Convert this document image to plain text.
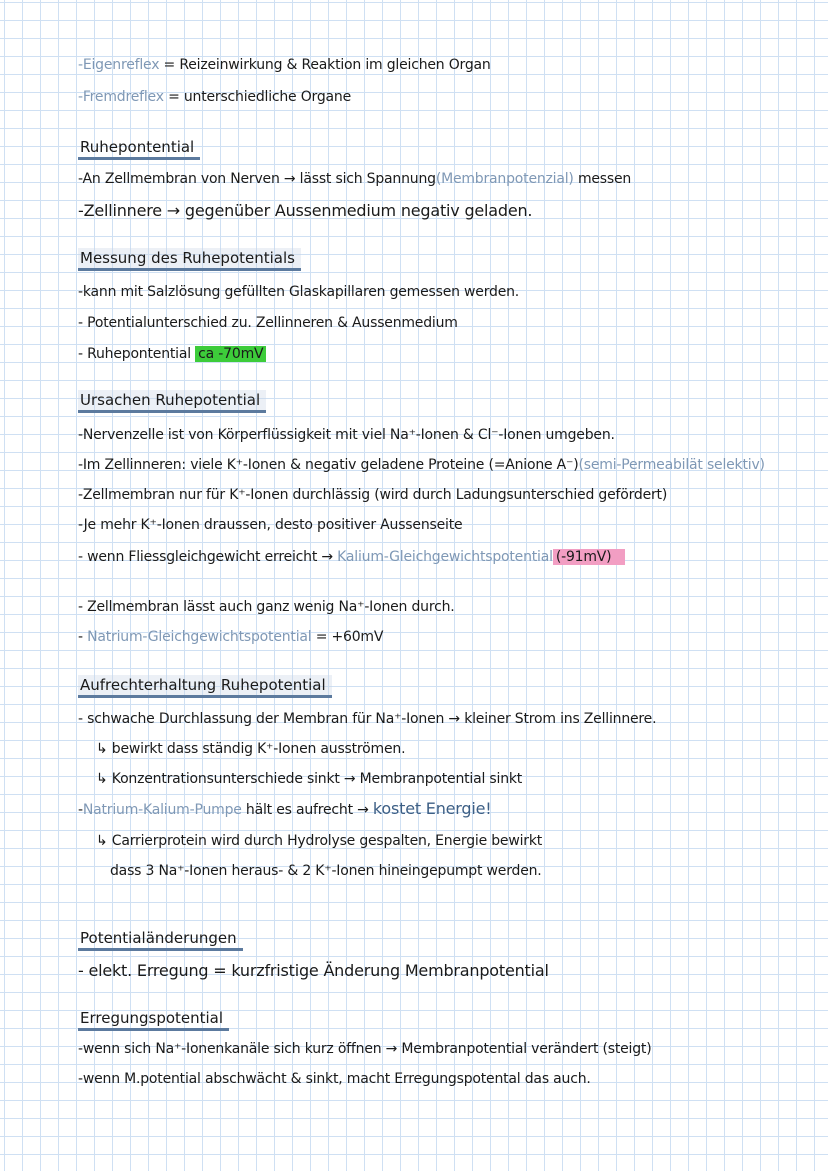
-Eigenreflex = Reizeinwirkung & Reaktion im gleichen Organ
-Fremdreflex = unterschiedliche Organe
Ruhepontential
-An Zellmembran von Nerven → lässt sich Spannung(Membranpotenzial) messen
-Zellinnere → gegenüber Aussenmedium negativ geladen.
Messung des Ruhepotentials
-kann mit Salzlösung gefüllten Glaskapillaren gemessen werden.
- Potentialunterschied zu. Zellinneren & Aussenmedium
- Ruhepontential ca -70mV
Ursachen Ruhepotential
-Nervenzelle ist von Körperflüssigkeit mit viel Na⁺-Ionen & Cl⁻-Ionen umgeben.
-Im Zellinneren: viele K⁺-Ionen & negativ geladene Proteine (=Anione A⁻)(semi-Permeabilät selektiv)
-Zellmembran nur für K⁺-Ionen durchlässig (wird durch Ladungsunterschied gefördert)
-Je mehr K⁺-Ionen draussen, desto positiver Aussenseite
- wenn Fliessgleichgewicht erreicht → Kalium-Gleichgewichtspotential (-91mV)
- Zellmembran lässt auch ganz wenig Na⁺-Ionen durch.
- Natrium-Gleichgewichtspotential = +60mV
Aufrechterhaltung Ruhepotential
- schwache Durchlassung der Membran für Na⁺-Ionen → kleiner Strom ins Zellinnere.
↳ bewirkt dass ständig K⁺-Ionen ausströmen.
↳ Konzentrationsunterschiede sinkt → Membranpotential sinkt
-Natrium-Kalium-Pumpe hält es aufrecht → kostet Energie!
↳ Carrierprotein wird durch Hydrolyse gespalten, Energie bewirkt
dass 3 Na⁺-Ionen heraus- & 2 K⁺-Ionen hineingepumpt werden.
Potentialänderungen
- elekt. Erregung = kurzfristige Änderung Membranpotential
Erregungspotential
-wenn sich Na⁺-Ionenkanäle sich kurz öffnen → Membranpotential verändert (steigt)
-wenn M.potential abschwächt & sinkt, macht Erregungspotental das auch.
